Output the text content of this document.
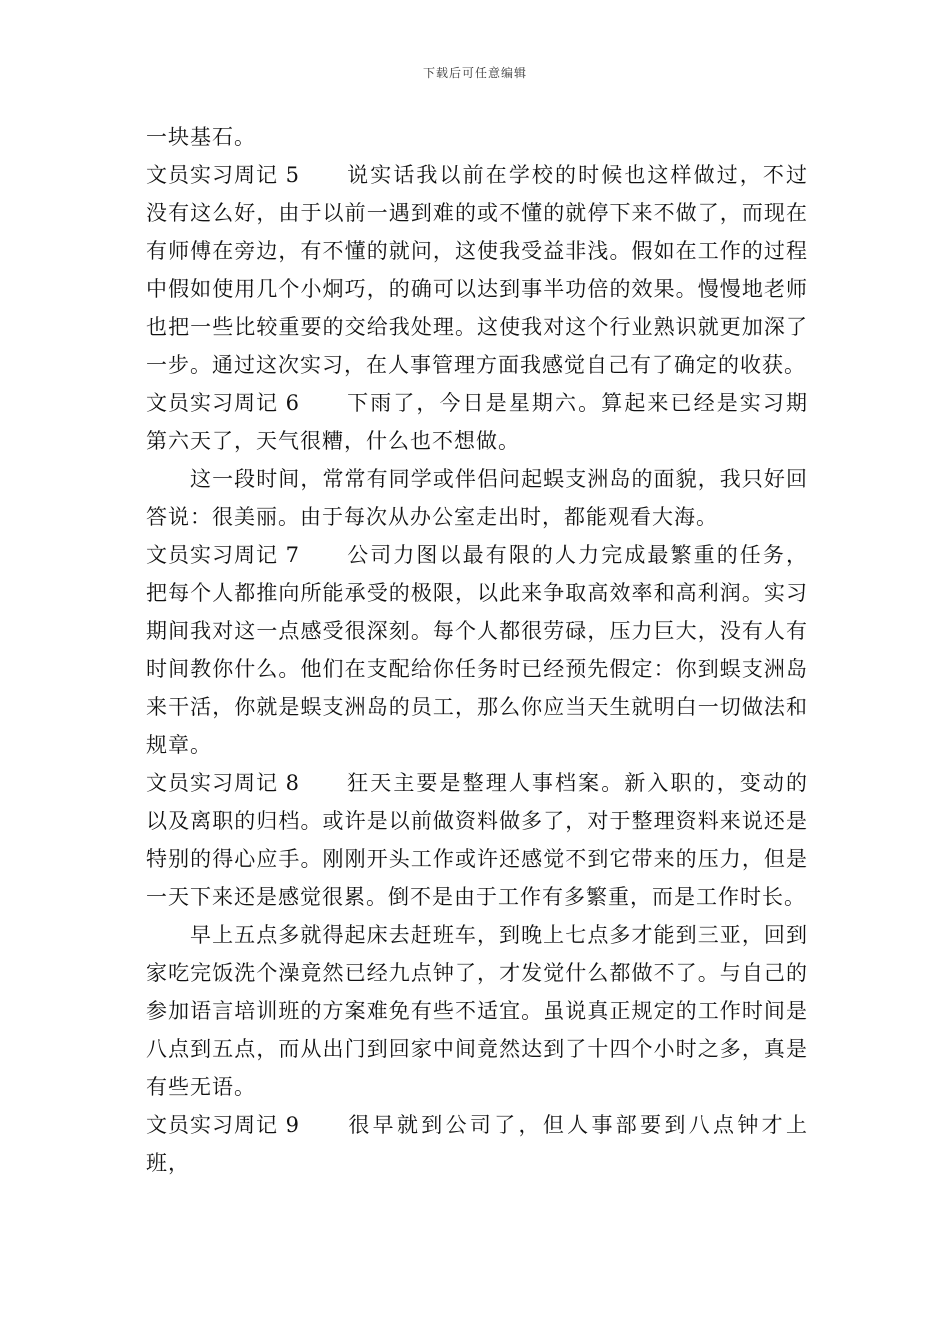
下载后可任意编辑

一块基石。

文员实习周记 5 说实话我以前在学校的时候也这样做过，不过没有这么好，由于以前一遇到难的或不懂的就停下来不做了，而现在有师傅在旁边，有不懂的就问，这使我受益非浅。假如在工作的过程中假如使用几个小炯巧，的确可以达到事半功倍的效果。慢慢地老师也把一些比较重要的交给我处理。这使我对这个行业熟识就更加深了一步。通过这次实习，在人事管理方面我感觉自己有了确定的收获。

文员实习周记 6 下雨了，今日是星期六。算起来已经是实习期第六天了，天气很糟，什么也不想做。

这一段时间，常常有同学或伴侣问起蜈支洲岛的面貌，我只好回答说：很美丽。由于每次从办公室走出时，都能观看大海。

文员实习周记 7 公司力图以最有限的人力完成最繁重的任务，把每个人都推向所能承受的极限，以此来争取高效率和高利润。实习期间我对这一点感受很深刻。每个人都很劳碌，压力巨大，没有人有时间教你什么。他们在支配给你任务时已经预先假定：你到蜈支洲岛来干活，你就是蜈支洲岛的员工，那么你应当天生就明白一切做法和规章。

文员实习周记 8 狂天主要是整理人事档案。新入职的，变动的以及离职的归档。或许是以前做资料做多了，对于整理资料来说还是特别的得心应手。刚刚开头工作或许还感觉不到它带来的压力，但是一天下来还是感觉很累。倒不是由于工作有多繁重，而是工作时长。

早上五点多就得起床去赶班车，到晚上七点多才能到三亚，回到家吃完饭洗个澡竟然已经九点钟了，才发觉什么都做不了。与自己的参加语言培训班的方案难免有些不适宜。虽说真正规定的工作时间是八点到五点，而从出门到回家中间竟然达到了十四个小时之多，真是有些无语。

文员实习周记 9 很早就到公司了，但人事部要到八点钟才上班，
